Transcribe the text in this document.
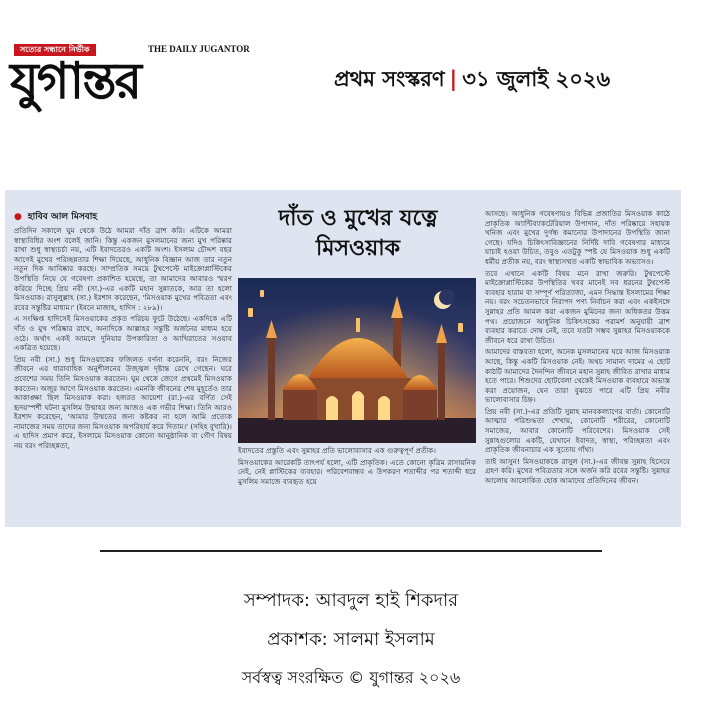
সত্যের সন্ধানে নির্ভীক	THE DAILY JUGANTOR
যুগান্তর	প্রথম সংস্করণ | ৩১ জুলাই ২০২৬
● হাবিব আল মিসবাহ

প্রতিদিন সকালে ঘুম থেকে উঠে আমরা দাঁত ব্রাশ করি। এটিকে আমরা স্বাস্থ্যবিধির অংশ বলেই জানি। কিন্তু একজন মুসলমানের জন্য মুখ পরিষ্কার রাখা শুধু স্বাস্থ্যচর্চা নয়, এটি ইবাদতেরও একটি অংশ। ইসলাম চৌদ্দশ বছর আগেই মুখের পরিচ্ছন্নতার শিক্ষা দিয়েছে, আধুনিক বিজ্ঞান আজ তার নতুন নতুন দিক আবিষ্কার করছে। সাম্প্রতিক সময়ে টুথপেস্টে মাইক্রোপ্লাস্টিকের উপস্থিতি নিয়ে যে গবেষণা প্রকাশিত হয়েছে, তা আমাদের আবারও স্মরণ করিয়ে দিচ্ছে প্রিয় নবী (সা.)-এর একটি মহান সুন্নাতকে, আর তা হলো মিসওয়াক। রাসুলুল্লাহ (সা.) ইরশাদ করেছেন, 'মিসওয়াক মুখের পবিত্রতা এবং রবের সন্তুষ্টির মাধ্যম।' (ইবনে মাজাহ, হাদিস : ২৮৯)।

এ সংক্ষিপ্ত হাদিসেই মিসওয়াকের প্রকৃত পরিচয় ফুটে উঠেছে। একদিকে এটি দাঁত ও মুখ পরিষ্কার রাখে, অন্যদিকে আল্লাহর সন্তুষ্টি অর্জনের মাধ্যম হয়ে ওঠে। অর্থাৎ একই আমলে দুনিয়ার উপকারিতা ও আখিরাতের সওয়াব একত্রিত হয়েছে।

প্রিয় নবী (সা.) শুধু মিসওয়াকের ফজিলত বর্ণনা করেননি, বরং নিজের জীবনে এর ধারাবাহিক অনুশীলনের উজ্জ্বল দৃষ্টান্ত রেখে গেছেন। ঘরে প্রবেশের সময় তিনি মিসওয়াক করতেন। ঘুম থেকে জেগে প্রথমেই মিসওয়াক করতেন। অজুর আগে মিসওয়াক করতেন। এমনকি জীবনের শেষ মুহূর্তেও তার আকাঙ্ক্ষা ছিল মিসওয়াক করা। হজরত আয়েশা (রা.)-এর বর্ণিত সেই হৃদয়স্পর্শী ঘটনা মুসলিম উম্মাহর জন্য আজও এক গভীর শিক্ষা। তিনি আরও ইরশাদ করেছেন, 'আমার উম্মতের জন্য কষ্টকর না হলে আমি প্রত্যেক নামাজের সময় তাদের জন্য মিসওয়াক অপরিহার্য করে দিতাম।' (সহিহ বুখারি)। এ হাদিস প্রমাণ করে, ইসলামে মিসওয়াক কোনো আনুষ্ঠানিক বা গৌণ বিষয় নয় বরং পরিচ্ছন্নতা,

দাঁত ও মুখের যত্নে
মিসওয়াক

ইবাদতের প্রস্তুতি এবং সুন্নাহর প্রতি ভালোবাসার এক গুরুত্বপূর্ণ প্রতীক।

মিসওয়াকের আরেকটি তাৎপর্য হলো, এটি প্রাকৃতিক। এতে কোনো কৃত্রিম রাসায়নিক নেই, নেই প্লাস্টিকের ব্যবহার। পরিবেশবান্ধব এ উপকরণ শতাব্দীর পর শতাব্দী ধরে মুসলিম সমাজে ব্যবহৃত হয়ে

আসছে। আধুনিক গবেষণায়ও বিভিন্ন প্রজাতির মিসওয়াক কাঠে প্রাকৃতিক অ্যান্টিব্যাকটেরিয়াল উপাদান, দাঁত পরিষ্কারে সহায়ক খনিজ এবং মুখের দুর্গন্ধ কমানোর উপাদানের উপস্থিতি জানা গেছে। যদিও চিকিৎসাবিজ্ঞানের নির্দিষ্ট দাবি গবেষণার মাধ্যমে যাচাই হওয়া উচিত, তবুও এতটুকু স্পষ্ট যে মিসওয়াক শুধু একটি ধর্মীয় প্রতীক নয়, বরং স্বাস্থ্যসম্মত একটি স্বাভাবিক অভ্যাসও।

তবে এখানে একটি বিষয় মনে রাখা জরুরি। টুথপেস্টে মাইক্রোপ্লাস্টিকের উপস্থিতির খবর মানেই সব ধরনের টুথপেস্ট ব্যবহার হারাম বা সম্পূর্ণ পরিত্যাজ্য, এমন সিদ্ধান্ত ইসলামের শিক্ষা নয়। বরং সচেতনভাবে নিরাপদ পণ্য নির্বাচন করা এবং একইসঙ্গে সুন্নাহর প্রতি আমল করা একজন মুমিনের জন্য অধিকতর উত্তম পথ। প্রয়োজনে আধুনিক চিকিৎসকের পরামর্শ অনুযায়ী ব্রাশ ব্যবহার করাতে দোষ নেই, তবে যতটা সম্ভব সুন্নাহর মিসওয়াককে জীবনে ধরে রাখা উচিত।

আমাদের বাস্তবতা হলো, অনেক মুসলমানের ঘরে আজ মিসওয়াক আছে, কিন্তু একটি মিসওয়াক নেই। অথচ সামান্য দামের এ ছোট কাঠটি আমাদের দৈনন্দিন জীবনে মহান সুন্নাহ জীবিত রাখার মাধ্যম হতে পারে। শিশুদের ছোটবেলা থেকেই মিসওয়াক ব্যবহারে অভ্যস্ত করা প্রয়োজন, যেন তারা বুঝতে পারে এটি প্রিয় নবীর ভালোবাসার চিহ্ন।

প্রিয় নবী (সা.)-এর প্রতিটি সুন্নাহ মানবকল্যাণের বার্তা। কোনোটি আত্মার পরিশুদ্ধতা শেখায়, কোনোটি শরীরের, কোনোটি সমাজের, আবার কোনোটি পরিবেশের। মিসওয়াক সেই সুন্নাহগুলোর একটি, যেখানে ইবাদত, স্বাস্থ্য, পরিচ্ছন্নতা এবং প্রাকৃতিক জীবনাচার এক সুতোয় গাঁথা।

তাই আসুন! মিসওয়াককে রাসুল (সা.)-এর জীবন্ত সুন্নাহ হিসেবে গ্রহণ করি। মুখের পবিত্রতার সঙ্গে অর্জন করি রবের সন্তুষ্টি। সুন্নাহর আলোয় আলোকিত হোক আমাদের প্রতিদিনের জীবন।

সম্পাদক: আবদুল হাই শিকদার
প্রকাশক: সালমা ইসলাম
সর্বস্বত্ব সংরক্ষিত © যুগান্তর ২০২৬
